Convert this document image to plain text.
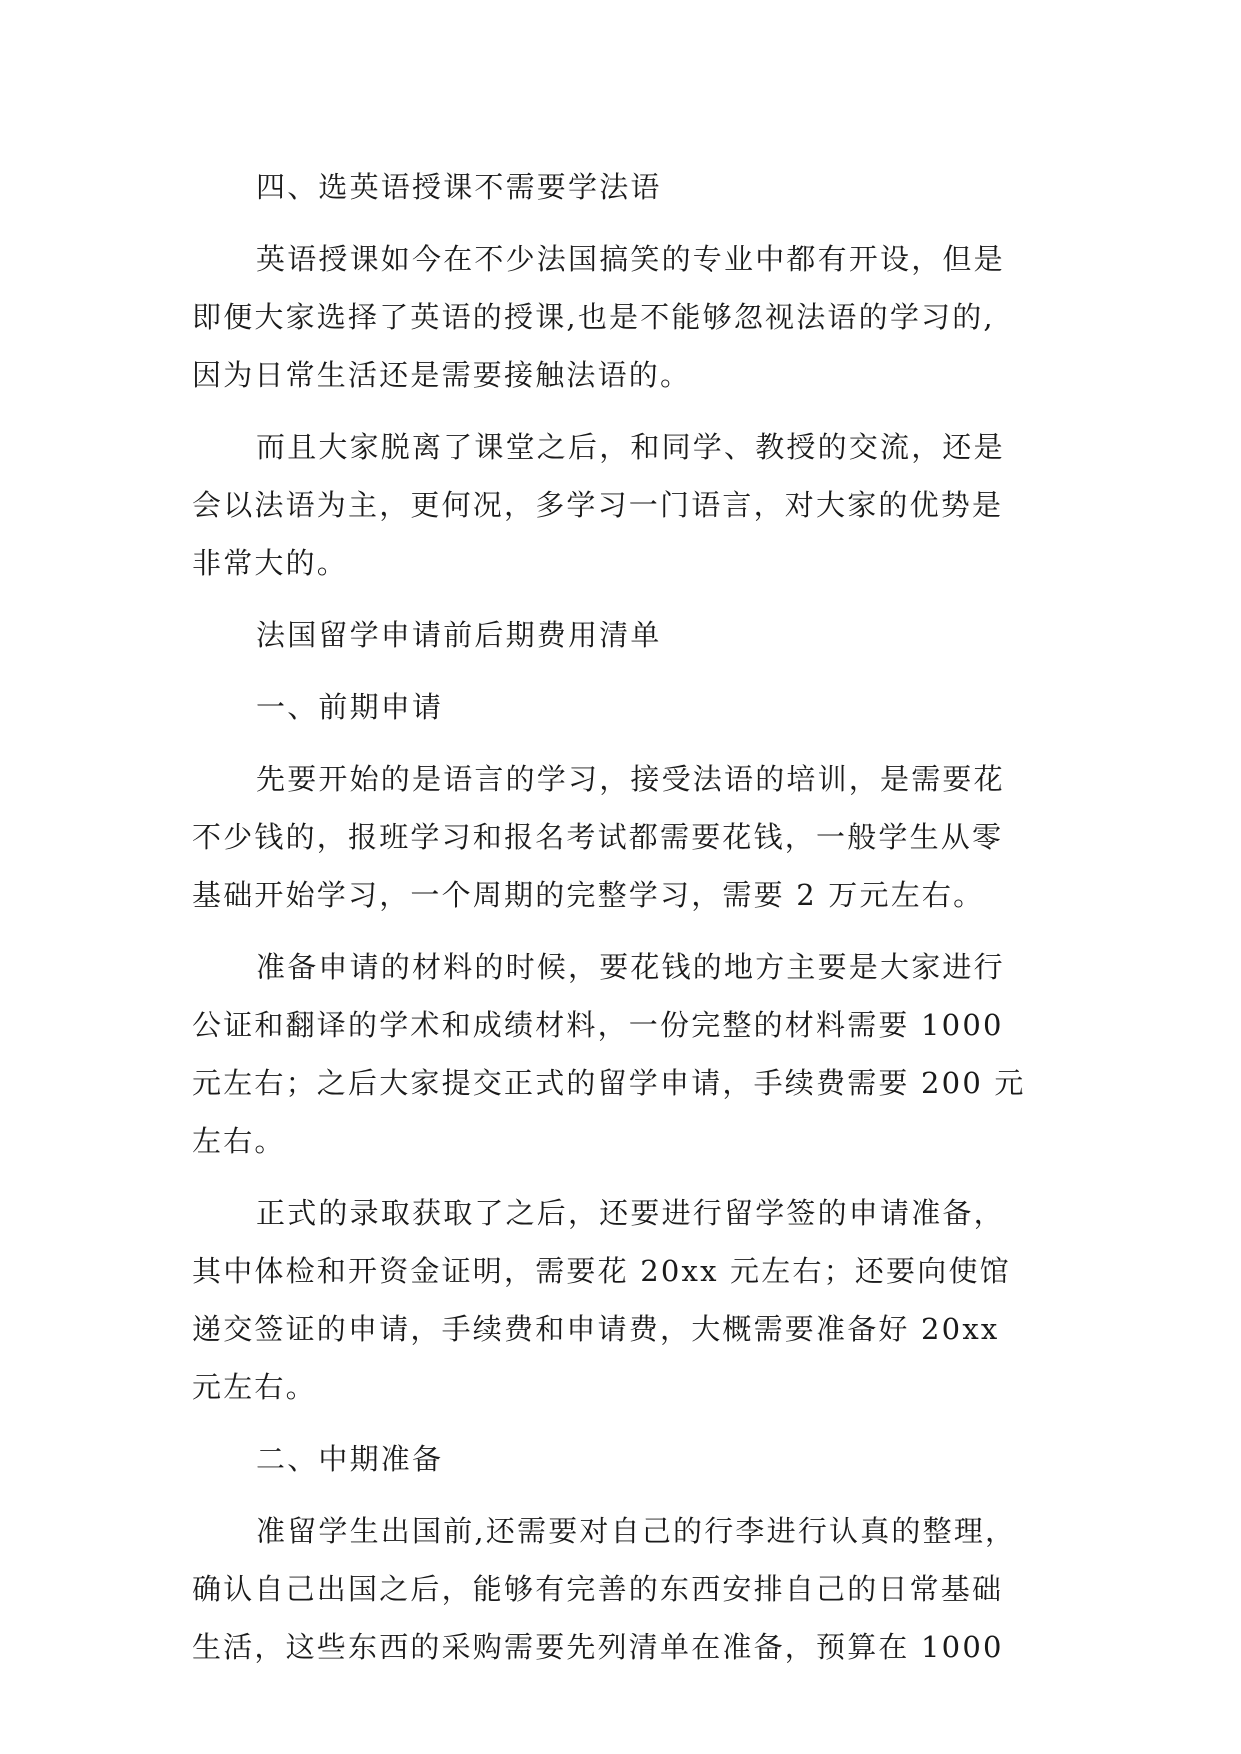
四、选英语授课不需要学法语
英语授课如今在不少法国搞笑的专业中都有开设，但是
即便大家选择了英语的授课,也是不能够忽视法语的学习的,
因为日常生活还是需要接触法语的。
而且大家脱离了课堂之后，和同学、教授的交流，还是
会以法语为主，更何况，多学习一门语言，对大家的优势是
非常大的。
法国留学申请前后期费用清单
一、前期申请
先要开始的是语言的学习，接受法语的培训，是需要花
不少钱的，报班学习和报名考试都需要花钱，一般学生从零
基础开始学习，一个周期的完整学习，需要 2 万元左右。
准备申请的材料的时候，要花钱的地方主要是大家进行
公证和翻译的学术和成绩材料，一份完整的材料需要 1000
元左右；之后大家提交正式的留学申请，手续费需要 200 元
左右。
正式的录取获取了之后，还要进行留学签的申请准备，
其中体检和开资金证明，需要花 20xx 元左右；还要向使馆
递交签证的申请，手续费和申请费，大概需要准备好 20xx
元左右。
二、中期准备
准留学生出国前,还需要对自己的行李进行认真的整理，
确认自己出国之后，能够有完善的东西安排自己的日常基础
生活，这些东西的采购需要先列清单在准备，预算在 1000
